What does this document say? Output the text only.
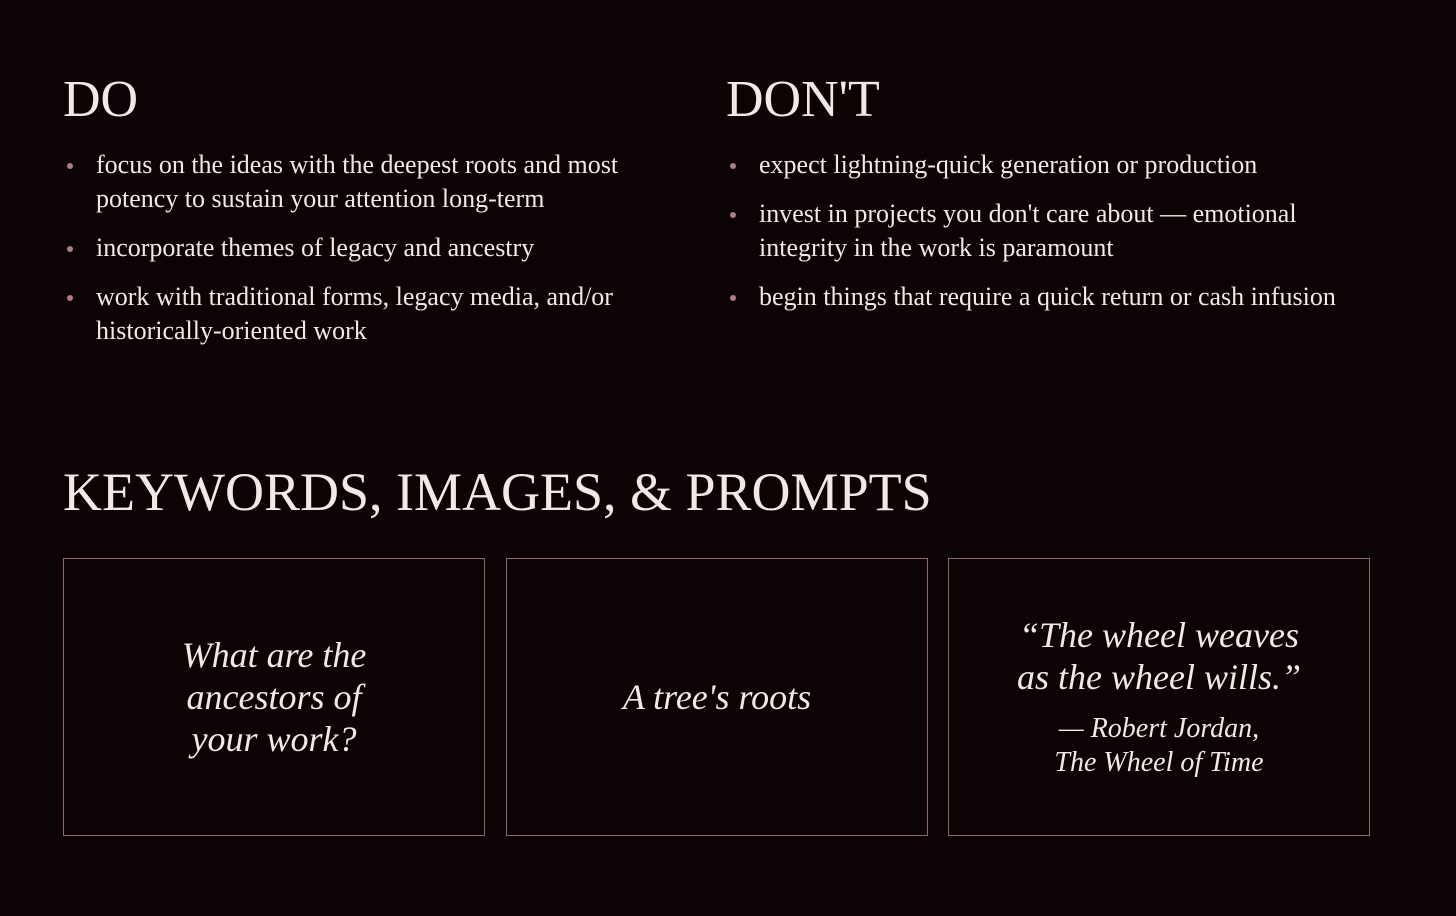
DO
focus on the ideas with the deepest roots and most potency to sustain your attention long-term
incorporate themes of legacy and ancestry
work with traditional forms, legacy media, and/or historically-oriented work
DON'T
expect lightning-quick generation or production
invest in projects you don't care about — emotional integrity in the work is paramount
begin things that require a quick return or cash infusion
KEYWORDS, IMAGES, & PROMPTS
What are the
ancestors of
your work?
A tree's roots
“The wheel weaves
as the wheel wills.”
— Robert Jordan,
The Wheel of Time
